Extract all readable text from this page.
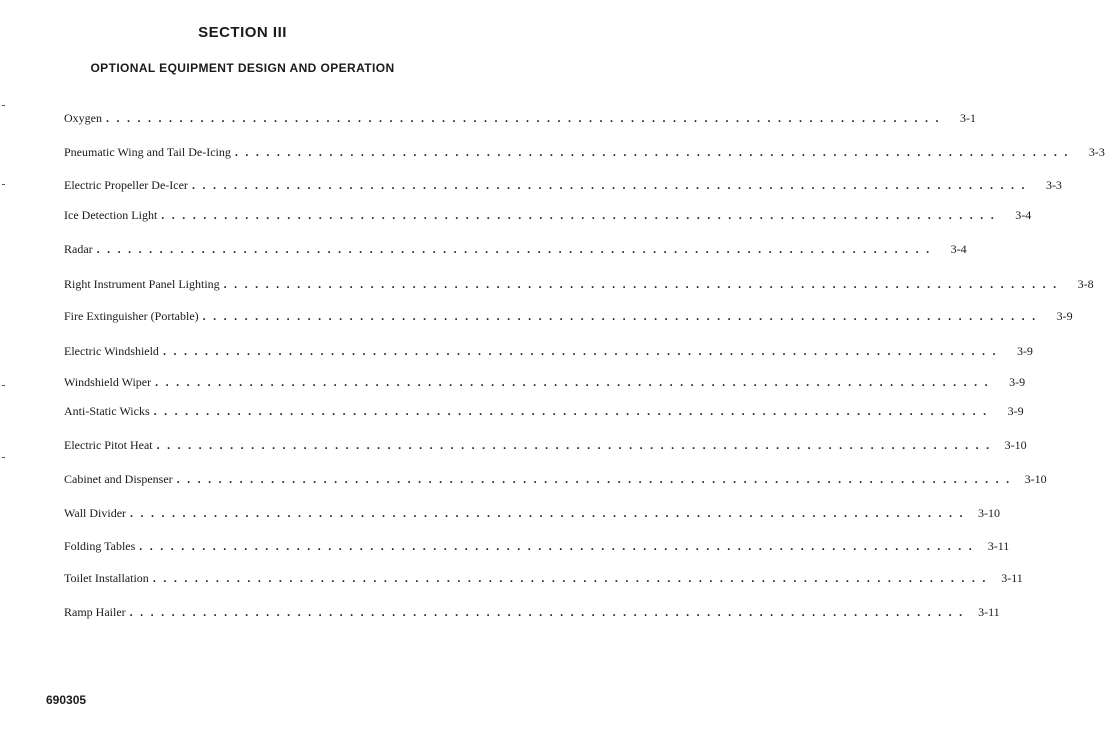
SECTION III
OPTIONAL EQUIPMENT DESIGN AND OPERATION
Oxygen ................................................................................	3-1
Pneumatic Wing and Tail De-Icing ................................................................................	3-3
Electric Propeller De-Icer ................................................................................	3-3
Ice Detection Light ................................................................................	3-4
Radar ................................................................................	3-4
Right Instrument Panel Lighting ................................................................................	3-8
Fire Extinguisher (Portable) ................................................................................	3-9
Electric Windshield ................................................................................	3-9
Windshield Wiper ................................................................................	3-9
Anti-Static Wicks ................................................................................	3-9
Electric Pitot Heat ................................................................................ 3-10
Cabinet and Dispenser ................................................................................ 3-10
Wall Divider ................................................................................ 3-10
Folding Tables ................................................................................ 3-11
Toilet Installation ................................................................................ 3-11
Ramp Hailer ................................................................................ 3-11
690305
